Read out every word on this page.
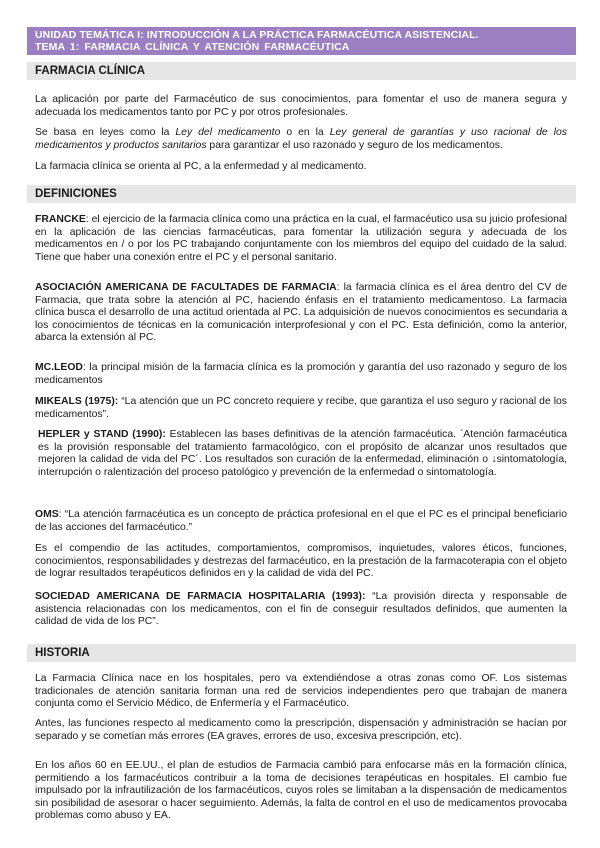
UNIDAD TEMÁTICA I: INTRODUCCIÓN A LA PRÁCTICA FARMACÉUTICA ASISTENCIAL.
TEMA 1: FARMACIA CLÍNICA Y ATENCIÓN FARMACÉUTICA
FARMACIA CLÍNICA

La aplicación por parte del Farmacéutico de sus conocimientos, para fomentar el uso de manera segura y adecuada los medicamentos tanto por PC y por otros profesionales.

Se basa en leyes como la Ley del medicamento o en la Ley general de garantías y uso racional de los medicamentos y productos sanitarios para garantizar el uso razonado y seguro de los medicamentos.

La farmacia clínica se orienta al PC, a la enfermedad y al medicamento.

DEFINICIONES

FRANCKE: el ejercicio de la farmacia clínica como una práctica en la cual, el farmacéutico usa su juicio profesional en la aplicación de las ciencias farmacéuticas, para fomentar la utilización segura y adecuada de los medicamentos en / o por los PC trabajando conjuntamente con los miembros del equipo del cuidado de la salud. Tiene que haber una conexión entre el PC y el personal sanitario.

ASOCIACIÓN AMERICANA DE FACULTADES DE FARMACIA: la farmacia clínica es el área dentro del CV de Farmacia, que trata sobre la atención al PC, haciendo énfasis en el tratamiento medicamentoso. La farmacia clínica busca el desarrollo de una actitud orientada al PC. La adquisición de nuevos conocimientos es secundaria a los conocimientos de técnicas en la comunicación interprofesional y con el PC. Esta definición, como la anterior, abarca la extensión al PC.

MC.LEOD: la principal misión de la farmacia clínica es la promoción y garantía del uso razonado y seguro de los medicamentos

MIKEALS (1975): “La atención que un PC concreto requiere y recibe, que garantiza el uso seguro y racional de los medicamentos”.

HEPLER y STAND (1990): Establecen las bases definitivas de la atención farmacéutica. `Atención farmacéutica es la provisión responsable del tratamiento farmacológico, con el propósito de alcanzar unos resultados que mejoren la calidad de vida del PC´. Los resultados son curación de la enfermedad, eliminación o ↓sintomatología, interrupción o ralentización del proceso patológico y prevención de la enfermedad o sintomatología.

OMS: “La atención farmacéutica es un concepto de práctica profesional en el que el PC es el principal beneficiario de las acciones del farmacéutico.”

Es el compendio de las actitudes, comportamientos, compromisos, inquietudes, valores éticos, funciones, conocimientos, responsabilidades y destrezas del farmacéutico, en la prestación de la farmacoterapia con el objeto de lograr resultados terapéuticos definidos en y la calidad de vida del PC.

SOCIEDAD AMERICANA DE FARMACIA HOSPITALARIA (1993): “La provisión directa y responsable de asistencia relacionadas con los medicamentos, con el fin de conseguir resultados definidos, que aumenten la calidad de vida de los PC”.

HISTORIA

La Farmacia Clínica nace en los hospitales, pero va extendiéndose a otras zonas como OF. Los sistemas tradicionales de atención sanitaria forman una red de servicios independientes pero que trabajan de manera conjunta como el Servicio Médico, de Enfermería y el Farmacéutico.

Antes, las funciones respecto al medicamento como la prescripción, dispensación y administración se hacían por separado y se cometían más errores (EA graves, errores de uso, excesiva prescripción, etc).

En los años 60 en EE.UU., el plan de estudios de Farmacia cambió para enfocarse más en la formación clínica, permitiendo a los farmacéuticos contribuir a la toma de decisiones terapéuticas en hospitales. El cambio fue impulsado por la infrautilización de los farmacéuticos, cuyos roles se limitaban a la dispensación de medicamentos sin posibilidad de asesorar o hacer seguimiento. Además, la falta de control en el uso de medicamentos provocaba problemas como abuso y EA.
